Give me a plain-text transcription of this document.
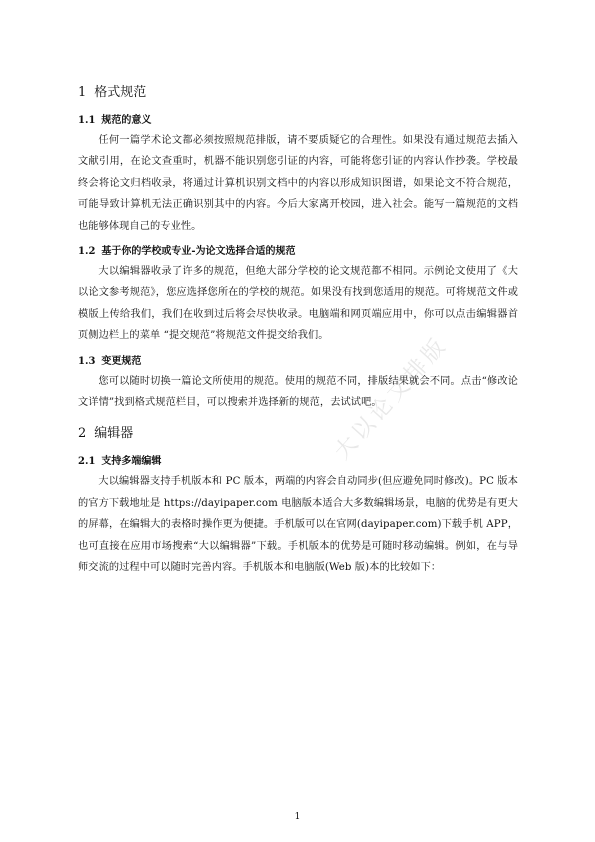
大以论文排版
1 格式规范
1.1 规范的意义

任何一篇学术论文都必须按照规范排版，请不要质疑它的合理性。如果没有通过规范去插入文献引用，在论文查重时，机器不能识别您引证的内容，可能将您引证的内容认作抄袭。学校最终会将论文归档收录，将通过计算机识别文档中的内容以形成知识图谱，如果论文不符合规范，可能导致计算机无法正确识别其中的内容。今后大家离开校园，进入社会。能写一篇规范的文档也能够体现自己的专业性。

1.2 基于你的学校或专业-为论文选择合适的规范

大以编辑器收录了许多的规范，但绝大部分学校的论文规范都不相同。示例论文使用了《大以论文参考规范》，您应选择您所在的学校的规范。如果没有找到您适用的规范。可将规范文件或模版上传给我们，我们在收到过后将会尽快收录。电脑端和网页端应用中，你可以点击编辑器首页侧边栏上的菜单 “提交规范”将规范文件提交给我们。

1.3 变更规范

您可以随时切换一篇论文所使用的规范。使用的规范不同，排版结果就会不同。点击“修改论文详情”找到格式规范栏目，可以搜索并选择新的规范，去试试吧。

2 编辑器
2.1 支持多端编辑

大以编辑器支持手机版本和 PC 版本，两端的内容会自动同步(但应避免同时修改)。PC 版本的官方下载地址是 https://dayipaper.com 电脑版本适合大多数编辑场景，电脑的优势是有更大的屏幕，在编辑大的表格时操作更为便捷。手机版可以在官网(dayipaper.com)下载手机 APP，也可直接在应用市场搜索“大以编辑器”下载。手机版本的优势是可随时移动编辑。例如，在与导师交流的过程中可以随时完善内容。手机版本和电脑版(Web 版)本的比较如下：

1
